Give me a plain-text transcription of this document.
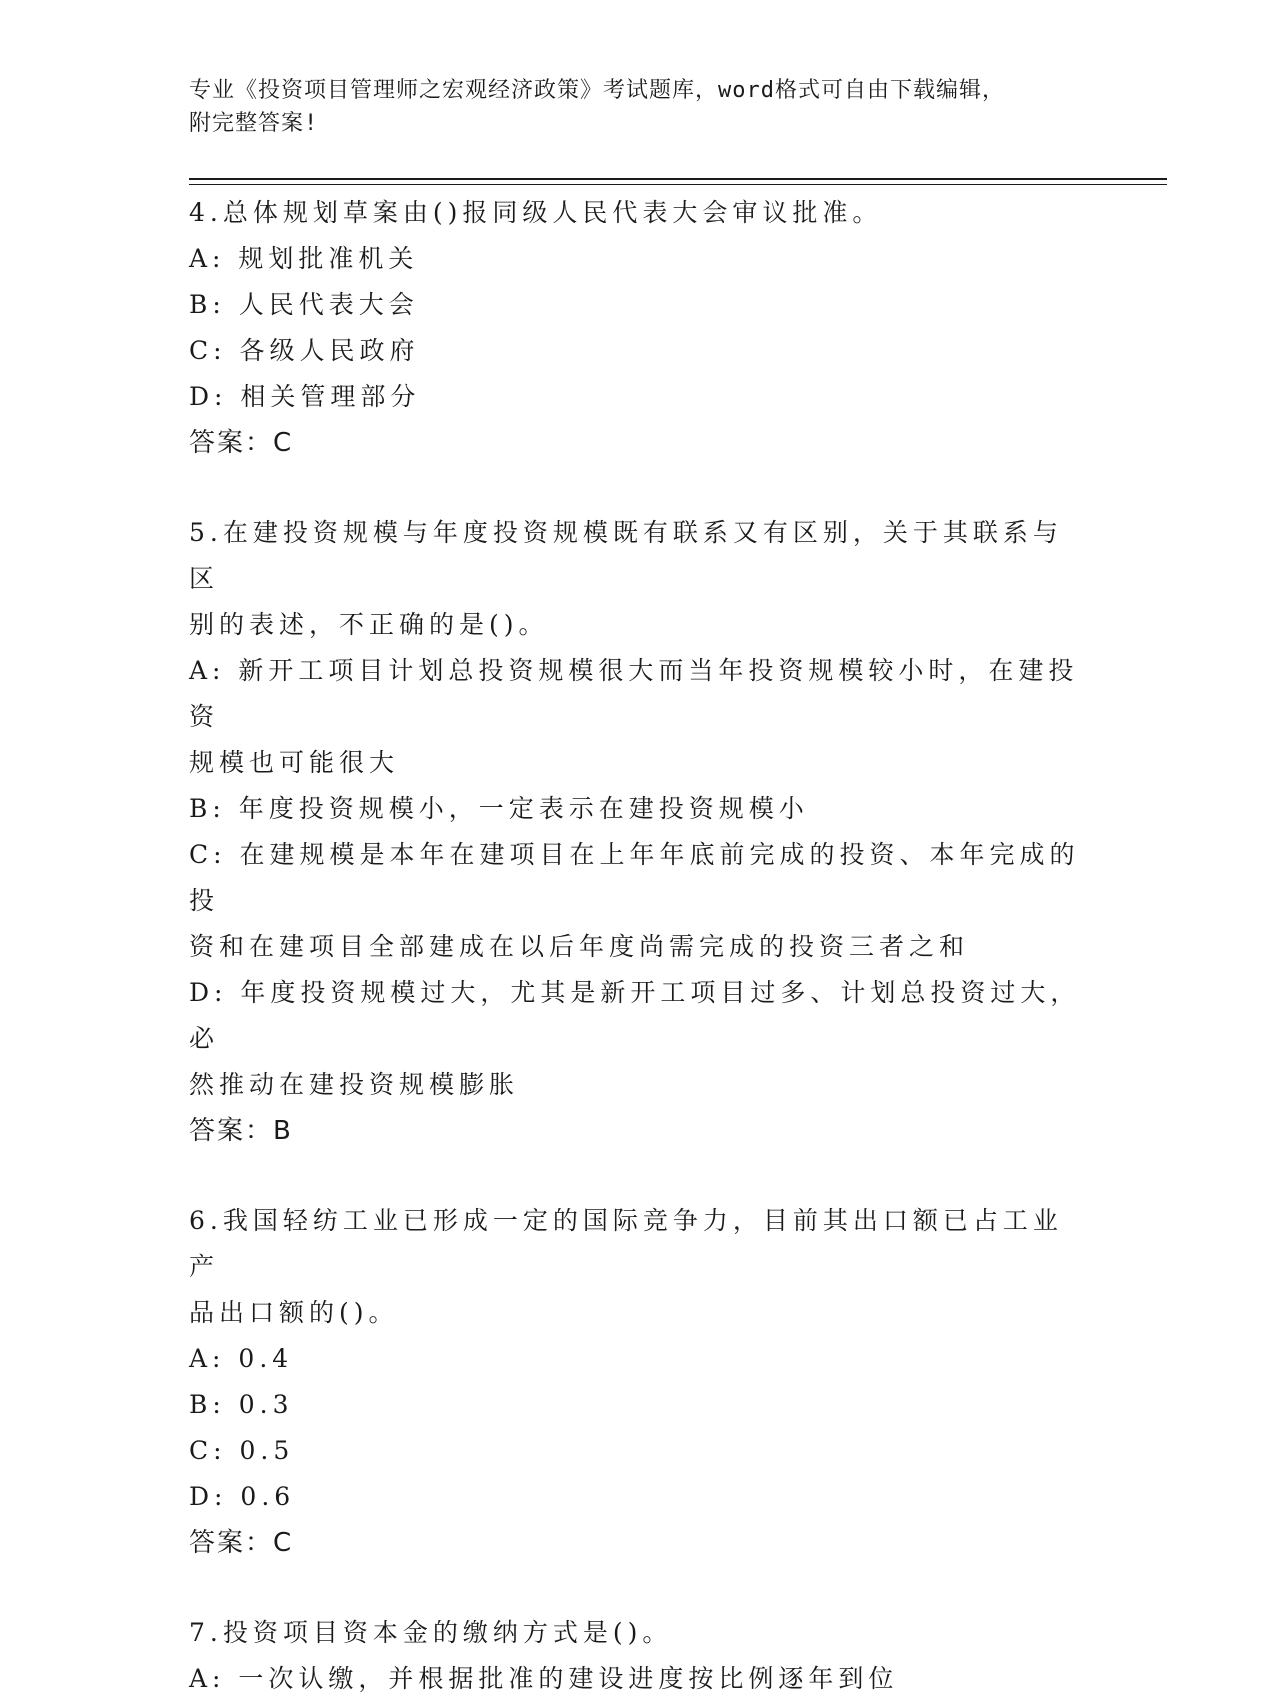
专业《投资项目管理师之宏观经济政策》考试题库，word格式可自由下载编辑，
附完整答案!
4.总体规划草案由()报同级人民代表大会审议批准。
A: 规划批准机关
B: 人民代表大会
C: 各级人民政府
D: 相关管理部分
答案：C
5.在建投资规模与年度投资规模既有联系又有区别，关于其联系与区
别的表述，不正确的是()。
A: 新开工项目计划总投资规模很大而当年投资规模较小时，在建投资
规模也可能很大
B: 年度投资规模小，一定表示在建投资规模小
C: 在建规模是本年在建项目在上年年底前完成的投资、本年完成的投
资和在建项目全部建成在以后年度尚需完成的投资三者之和
D: 年度投资规模过大，尤其是新开工项目过多、计划总投资过大，必
然推动在建投资规模膨胀
答案：B
6.我国轻纺工业已形成一定的国际竞争力，目前其出口额已占工业产
品出口额的()。
A: 0.4
B: 0.3
C: 0.5
D: 0.6
答案：C
7.投资项目资本金的缴纳方式是()。
A: 一次认缴，并根据批准的建设进度按比例逐年到位
